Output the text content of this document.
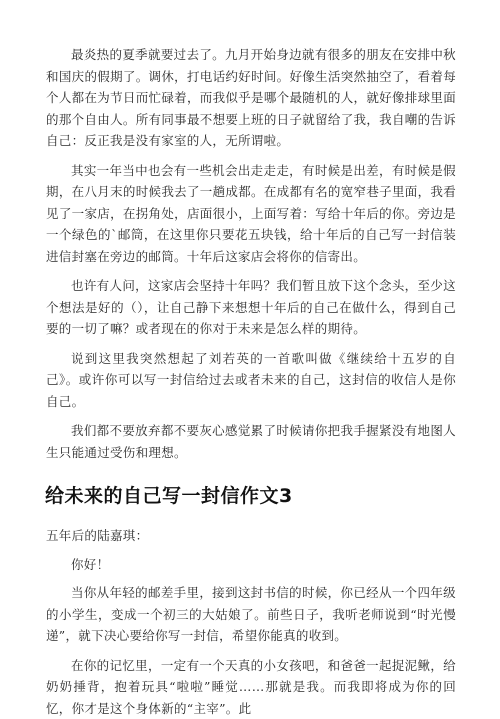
最炎热的夏季就要过去了。九月开始身边就有很多的朋友在安排中秋和国庆的假期了。调休，打电话约好时间。好像生活突然抽空了，看着每个人都在为节日而忙碌着，而我似乎是哪个最随机的人，就好像排球里面的那个自由人。所有同事最不想要上班的日子就留给了我，我自嘲的告诉自己：反正我是没有家室的人，无所谓啦。

其实一年当中也会有一些机会出走走走，有时候是出差，有时候是假期，在八月末的时候我去了一趟成都。在成都有名的宽窄巷子里面，我看见了一家店，在拐角处，店面很小，上面写着：写给十年后的你。旁边是一个绿色的`邮筒，在这里你只要花五块钱，给十年后的自己写一封信装进信封塞在旁边的邮筒。十年后这家店会将你的信寄出。

也许有人问，这家店会坚持十年吗？我们暂且放下这个念头，至少这个想法是好的（），让自己静下来想想十年后的自己在做什么，得到自己要的一切了嘛？或者现在的你对于未来是怎么样的期待。

说到这里我突然想起了刘若英的一首歌叫做《继续给十五岁的自己》。或许你可以写一封信给过去或者未来的自己，这封信的收信人是你自己。

我们都不要放弃都不要灰心感觉累了时候请你把我手握紧没有地图人生只能通过受伤和理想。

给未来的自己写一封信作文3

五年后的陆嘉琪：

你好！

当你从年轻的邮差手里，接到这封书信的时候，你已经从一个四年级的小学生，变成一个初三的大姑娘了。前些日子，我听老师说到“时光慢递”，就下决心要给你写一封信，希望你能真的收到。

在你的记忆里，一定有一个天真的小女孩吧，和爸爸一起捉泥鳅，给奶奶捶背，抱着玩具“啦啦”睡觉……那就是我。而我即将成为你的回忆，你才是这个身体新的“主宰”。此
